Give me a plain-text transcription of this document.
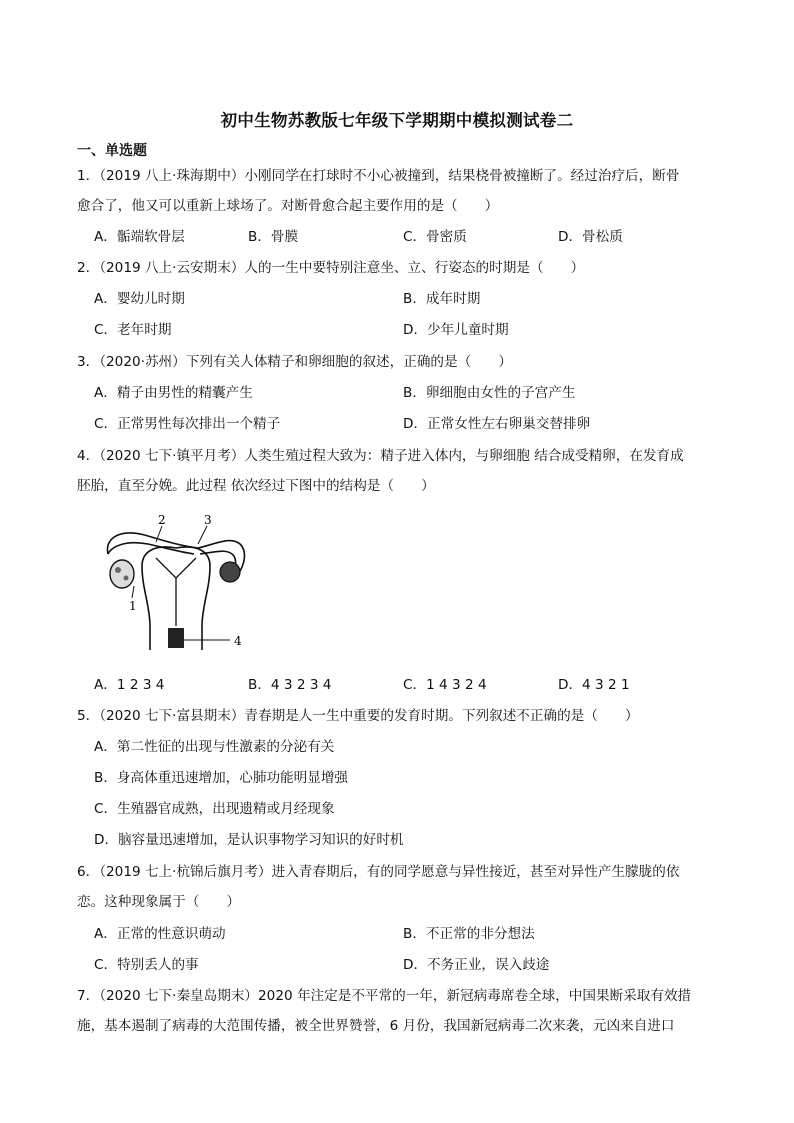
初中生物苏教版七年级下学期期中模拟测试卷二
一、单选题
1．（2019 八上·珠海期中）小刚同学在打球时不小心被撞到，结果桡骨被撞断了。经过治疗后，断骨
愈合了，他又可以重新上球场了。对断骨愈合起主要作用的是（　　）
A．骺端软骨层	B．骨膜	C．骨密质	D．骨松质
2．（2019 八上·云安期末）人的一生中要特别注意坐、立、行姿态的时期是（　　）
A．婴幼儿时期	B．成年时期
C．老年时期	D．少年儿童时期
3．（2020·苏州）下列有关人体精子和卵细胞的叙述，正确的是（　　）
A．精子由男性的精囊产生	B．卵细胞由女性的子宫产生
C．正常男性每次排出一个精子	D．正常女性左右卵巢交替排卵
4．（2020 七下·镇平月考）人类生殖过程大致为：精子进入体内，与卵细胞 结合成受精卵，在发育成
胚胎，直至分娩。此过程 依次经过下图中的结构是（　　）
2	3
1
4
A．1 2 3 4	B．4 3 2 3 4	C．1 4 3 2 4	D．4 3 2 1
5．（2020 七下·富县期末）青春期是人一生中重要的发育时期。下列叙述不正确的是（　　）
A．第二性征的出现与性激素的分泌有关
B．身高体重迅速增加，心肺功能明显增强
C．生殖器官成熟，出现遗精或月经现象
D．脑容量迅速增加，是认识事物学习知识的好时机
6．（2019 七上·杭锦后旗月考）进入青春期后，有的同学愿意与异性接近，甚至对异性产生朦胧的依
恋。这种现象属于（　　）
A．正常的性意识萌动	B．不正常的非分想法
C．特别丢人的事	D．不务正业，误入歧途
7．（2020 七下·秦皇岛期末）2020 年注定是不平常的一年，新冠病毒席卷全球，中国果断采取有效措
施，基本遏制了病毒的大范围传播，被全世界赞誉，6 月份，我国新冠病毒二次来袭，元凶来自进口
